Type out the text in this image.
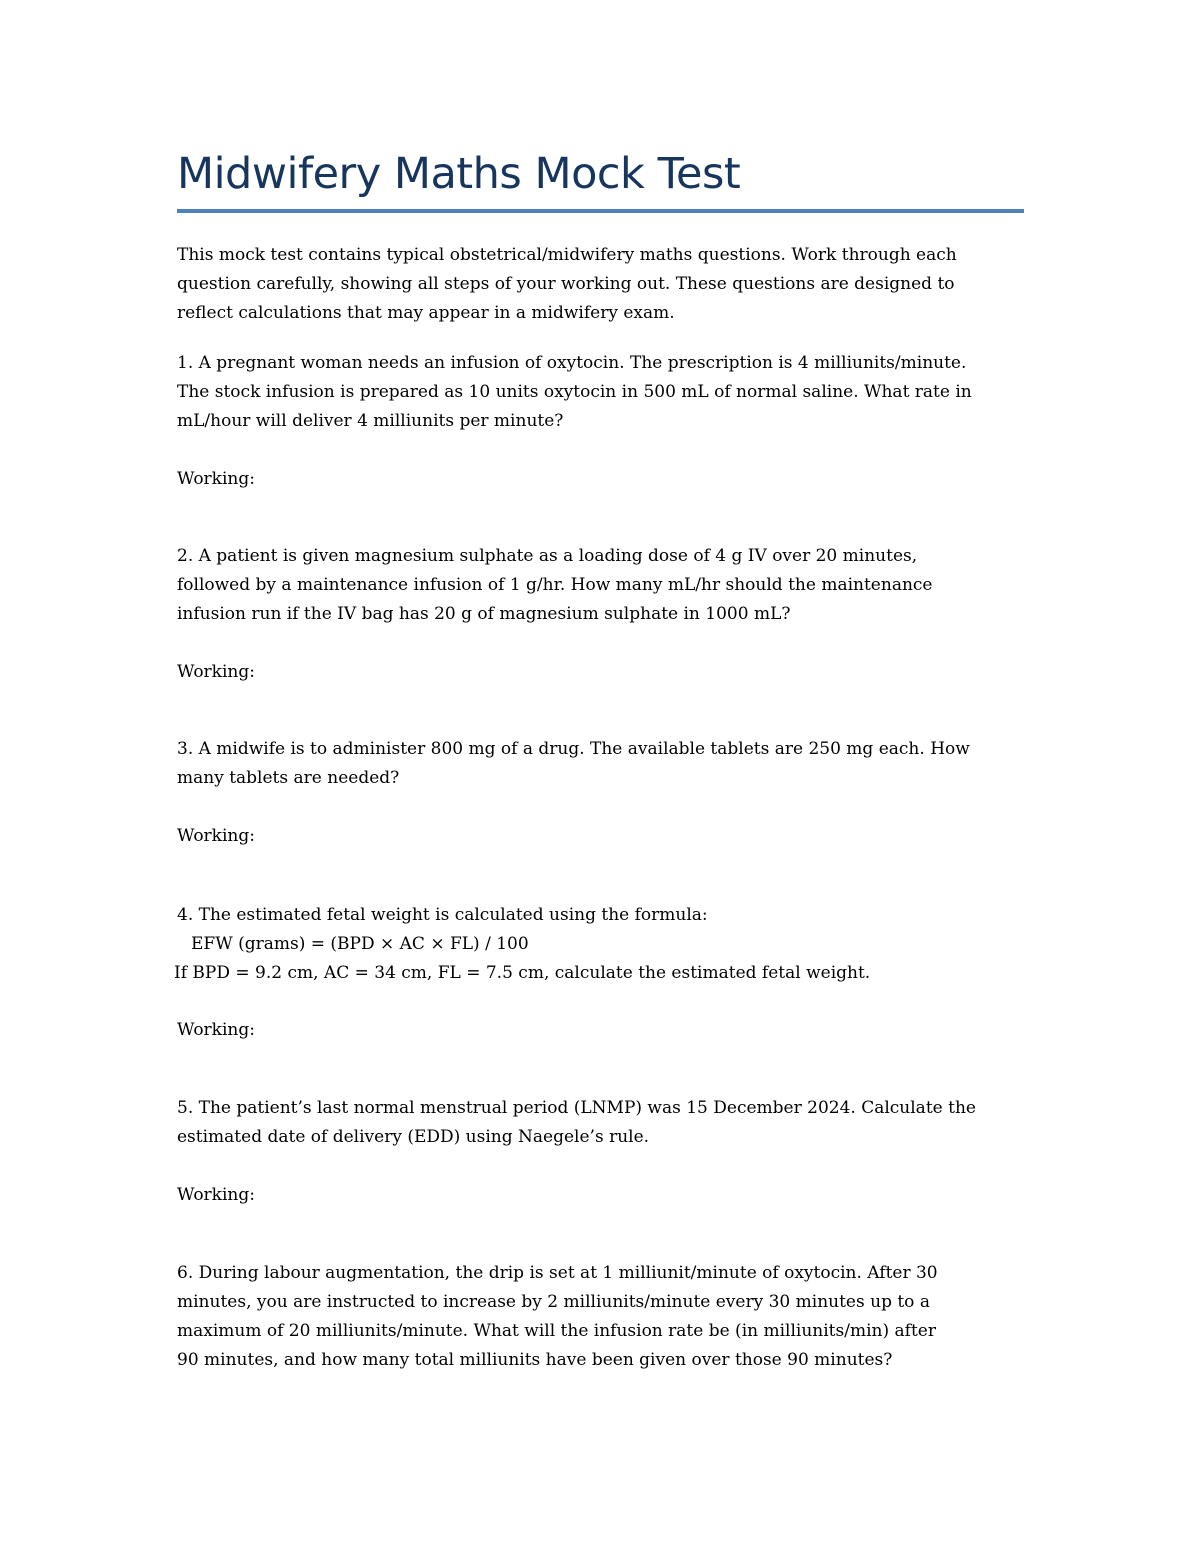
Midwifery Maths Mock Test

This mock test contains typical obstetrical/midwifery maths questions. Work through each
question carefully, showing all steps of your working out. These questions are designed to
reflect calculations that may appear in a midwifery exam.

1. A pregnant woman needs an infusion of oxytocin. The prescription is 4 milliunits/minute.
The stock infusion is prepared as 10 units oxytocin in 500 mL of normal saline. What rate in
mL/hour will deliver 4 milliunits per minute?

Working:

2. A patient is given magnesium sulphate as a loading dose of 4 g IV over 20 minutes,
followed by a maintenance infusion of 1 g/hr. How many mL/hr should the maintenance
infusion run if the IV bag has 20 g of magnesium sulphate in 1000 mL?

Working:

3. A midwife is to administer 800 mg of a drug. The available tablets are 250 mg each. How
many tablets are needed?

Working:

4. The estimated fetal weight is calculated using the formula:
EFW (grams) = (BPD × AC × FL) / 100
If BPD = 9.2 cm, AC = 34 cm, FL = 7.5 cm, calculate the estimated fetal weight.

Working:

5. The patient’s last normal menstrual period (LNMP) was 15 December 2024. Calculate the
estimated date of delivery (EDD) using Naegele’s rule.

Working:

6. During labour augmentation, the drip is set at 1 milliunit/minute of oxytocin. After 30
minutes, you are instructed to increase by 2 milliunits/minute every 30 minutes up to a
maximum of 20 milliunits/minute. What will the infusion rate be (in milliunits/min) after
90 minutes, and how many total milliunits have been given over those 90 minutes?
